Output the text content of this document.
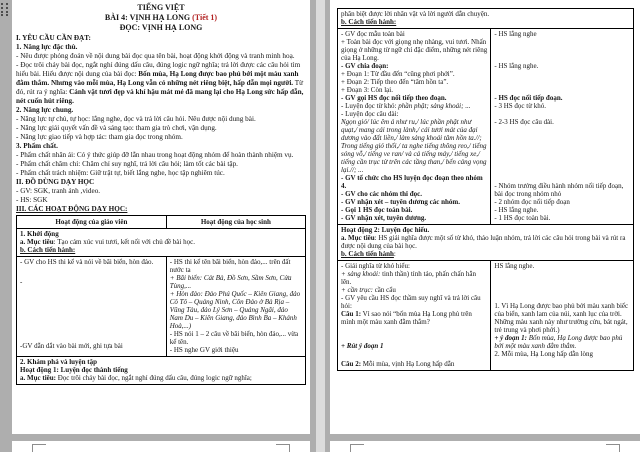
TIẾNG VIỆT
BÀI 4: VỊNH HẠ LONG (Tiết 1)
ĐỌC: VỊNH HẠ LONG
I. YÊU CẦU CẦN ĐẠT:
1. Năng lực đặc thù.
- Nêu được phỏng đoán về nội dung bài đọc qua tên bài, hoạt động khởi động và tranh minh hoạ.
- Đọc trôi chảy bài đọc, ngắt nghỉ đúng dấu câu, đúng logic ngữ nghĩa; trả lời được các câu hỏi tìm hiểu bài. Hiểu được nội dung của bài đọc: Bốn mùa, Hạ Long được bao phủ bởi một màu xanh đằm thắm. Nhưng vào mỗi mùa, Hạ Long vẫn có những nét riêng biệt, hấp dẫn mọi người. Từ đó, rút ra ý nghĩa: Cảnh vật tươi đẹp và khí hậu mát mẻ đã mang lại cho Hạ Long sức hấp dẫn, nét cuốn hút riêng.
2. Năng lực chung.
- Năng lực tự chủ, tự học: lắng nghe, đọc và trả lời câu hỏi. Nêu được nội dung bài.
- Năng lực giải quyết vấn đề và sáng tạo: tham gia trò chơi, vận dụng.
- Năng lực giao tiếp và hợp tác: tham gia đọc trong nhóm.
3. Phẩm chất.
- Phẩm chất nhân ái: Có ý thức giúp đỡ lẫn nhau trong hoạt động nhóm để hoàn thành nhiệm vụ.
- Phẩm chất chăm chỉ: Chăm chỉ suy nghĩ, trả lời câu hỏi; làm tốt các bài tập.
- Phẩm chất trách nhiệm: Giữ trật tự, biết lắng nghe, học tập nghiêm túc.
II. ĐỒ DÙNG DẠY HỌC
- GV: SGK, tranh ảnh ,video.
- HS: SGK
III. CÁC HOẠT ĐỘNG DẠY HỌC:
Hoạt động của giáo viên	Hoạt động của học sinh
1. Khởi động
a. Mục tiêu: Tạo cảm xúc vui tươi, kết nối với chủ đề bài học.
b. Cách tiến hành:
- GV cho HS thi kể và nói về bãi biển, hòn đảo.
-
-GV dẫn dắt vào bài mới, ghi tựa bài
- HS thi kể tên bãi biển, hòn đảo,... trên đất nước ta
+ Bãi biển: Cát Bà, Đồ Sơn, Sầm Sơn, Cửa Tùng,...
+ Hòn đảo: Đảo Phú Quốc – Kiên Giang, đảo Cô Tô – Quảng Ninh, Côn Đảo ở Bà Rịa – Vũng Tàu, đảo Lý Sơn – Quảng Ngãi, đảo Nam Du – Kiên Giang, đảo Bình Ba – Khánh Hoà,...)
- HS nói 1 – 2 câu về bãi biển, hòn đảo,... vừa kể tên.
- HS nghe GV giới thiệu
2. Khám phá và luyện tập
Hoạt động 1: Luyện đọc thành tiếng
a. Mục tiêu: Đọc trôi chảy bài đọc, ngắt nghỉ đúng dấu câu, đúng logic ngữ nghĩa;
phân biệt được lời nhân vật và lời người dẫn chuyện.
b. Cách tiến hành:
- GV đọc mẫu toàn bài
+ Toàn bài đọc với giọng nhẹ nhàng, vui tươi. Nhấn giọng ở những từ ngữ chỉ đặc điểm, những nét riêng của Hạ Long.
- GV chia đoạn:
+ Đoạn 1: Từ đầu đến “cũng phơi phới”.
+ Đoạn 2: Tiếp theo đến “tâm hồn ta”.
+ Đoạn 3: Còn lại.
- GV gọi HS đọc nối tiếp theo đoạn.
- Luyện đọc từ khó: phần phật; sảng khoái; ...
- Luyện đọc câu dài:
Ngọn gió/ lúc êm ả như ru,/ lúc phần phật như quạt,/ mang cái trong lành,/ cái tươi mát của đại dương vào đất liền,/ làm sảng khoái tâm hồn ta.//;
Trong tiếng gió thổi,/ ta nghe tiếng thông reo,/ tiếng sóng vỗ,/ tiếng ve ran/ và cả tiếng máy,/ tiếng xe,/ tiếng cần trục từ trên các tầng than,/ bến cảng vọng lại.//; ...
- GV tổ chức cho HS luyện đọc đoạn theo nhóm 4.
- GV cho các nhóm thi đọc.
- GV nhận xét – tuyên dương các nhóm.
- Gọi 1 HS đọc toàn bài.
- GV nhận xét, tuyên dương.
- HS lắng nghe
- HS lắng nghe.
- HS đọc nối tiếp đoạn.
- 3 HS đọc từ khó.
- 2-3 HS đọc câu dài.
- Nhóm trưởng điều hành nhóm nối tiếp đoạn, bài đọc trong nhóm nhỏ
- 2 nhóm đọc nối tiếp đoạn
- HS lắng nghe.
- 1 HS đọc toàn bài.
Hoạt động 2: Luyện đọc hiểu.
a. Mục tiêu: HS giải nghĩa được một số từ khó, thảo luận nhóm, trả lời các câu hỏi trong bài và rút ra được nội dung của bài học.
b. Cách tiến hành:
- Giải nghĩa từ khó hiểu:
+ sảng khoái: tinh thần) tỉnh táo, phấn chấn hẳn lên.
+ cần trục: cần cẩu
- GV yêu cầu HS đọc thầm suy nghĩ và trả lời câu hỏi:
Câu 1: Vì sao nói “bốn mùa Hạ Long phủ trên mình một màu xanh đằm thắm?
+ Rút ý đoạn 1
Câu 2: Mỗi mùa, vịnh Hạ Long hấp dẫn
HS lắng nghe.
1. Vì Hạ Long được bao phủ bởi màu xanh biếc của biển, xanh lam của núi, xanh lục của trời. Những màu xanh này như trường cửu, bát ngát, trẻ trung và phơi phới.)
+ ý đoạn 1: Bốn mùa, Hạ Long được bao phủ bởi một màu xanh đằm thắm.
2. Mỗi mùa, Hạ Long hấp dẫn lòng
